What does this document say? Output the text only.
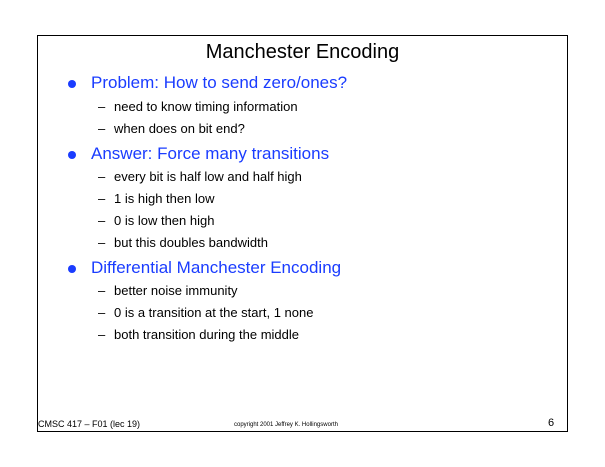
Manchester Encoding
Problem: How to send zero/ones?
– need to know timing information
– when does on bit end?
Answer: Force many transitions
– every bit is half low and half high
– 1 is high then low
– 0 is low then high
– but this doubles bandwidth
Differential Manchester Encoding
– better noise immunity
– 0 is a transition at the start, 1 none
– both transition during the middle
CMSC 417 – F01 (lec 19)	copyright 2001 Jeffrey K. Hollingsworth	6
